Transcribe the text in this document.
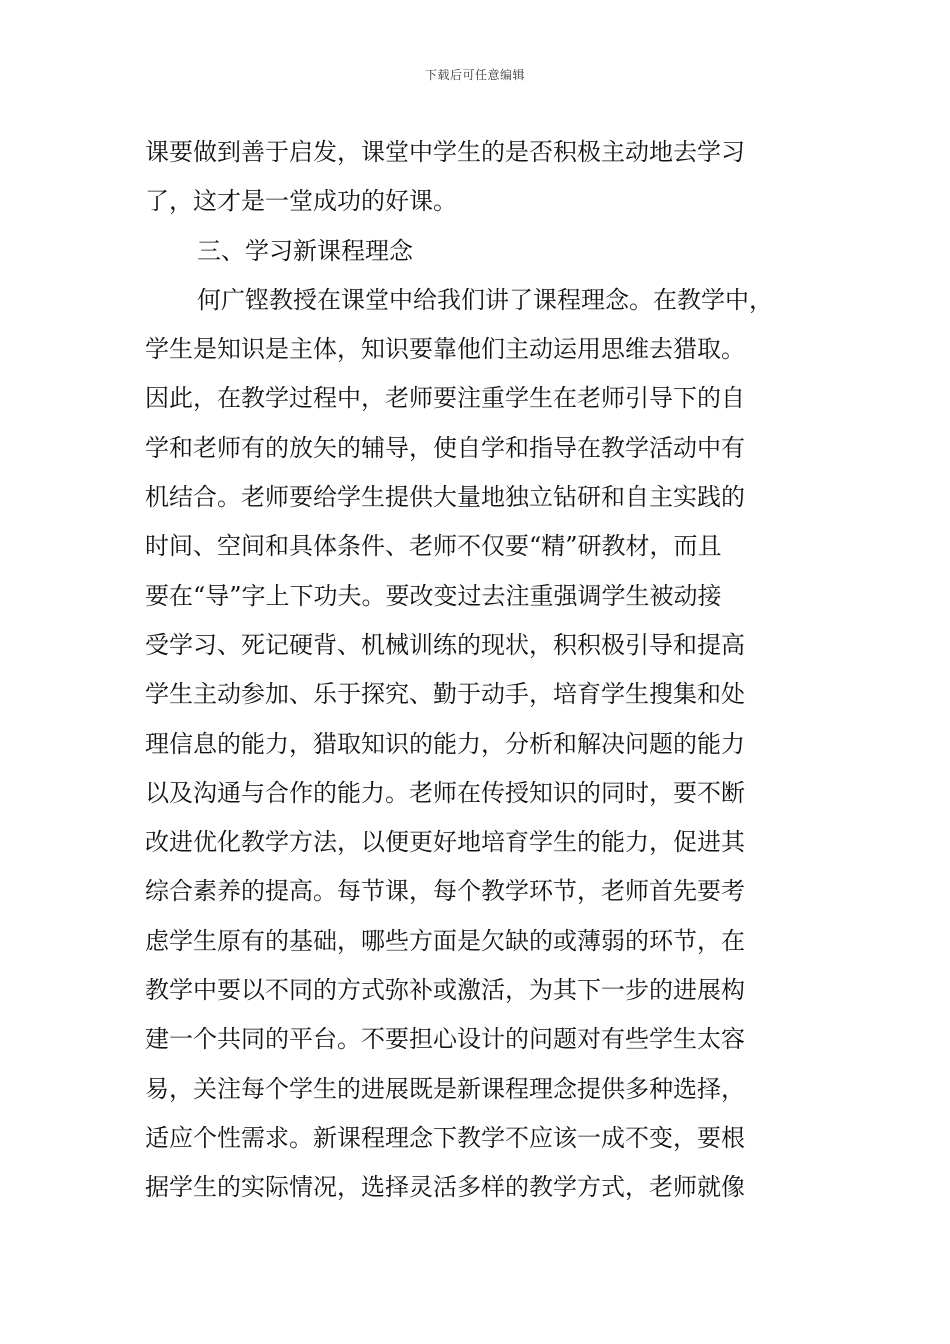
下载后可任意编辑
课要做到善于启发，课堂中学生的是否积极主动地去学习
了，这才是一堂成功的好课。
三、学习新课程理念
何广铿教授在课堂中给我们讲了课程理念。在教学中，
学生是知识是主体，知识要靠他们主动运用思维去猎取。
因此，在教学过程中，老师要注重学生在老师引导下的自
学和老师有的放矢的辅导，使自学和指导在教学活动中有
机结合。老师要给学生提供大量地独立钻研和自主实践的
时间、空间和具体条件、老师不仅要“精”研教材，而且
要在“导”字上下功夫。要改变过去注重强调学生被动接
受学习、死记硬背、机械训练的现状，积积极引导和提高
学生主动参加、乐于探究、勤于动手，培育学生搜集和处
理信息的能力，猎取知识的能力，分析和解决问题的能力
以及沟通与合作的能力。老师在传授知识的同时，要不断
改进优化教学方法，以便更好地培育学生的能力，促进其
综合素养的提高。每节课，每个教学环节，老师首先要考
虑学生原有的基础，哪些方面是欠缺的或薄弱的环节，在
教学中要以不同的方式弥补或激活，为其下一步的进展构
建一个共同的平台。不要担心设计的问题对有些学生太容
易，关注每个学生的进展既是新课程理念提供多种选择，
适应个性需求。新课程理念下教学不应该一成不变，要根
据学生的实际情况，选择灵活多样的教学方式，老师就像
